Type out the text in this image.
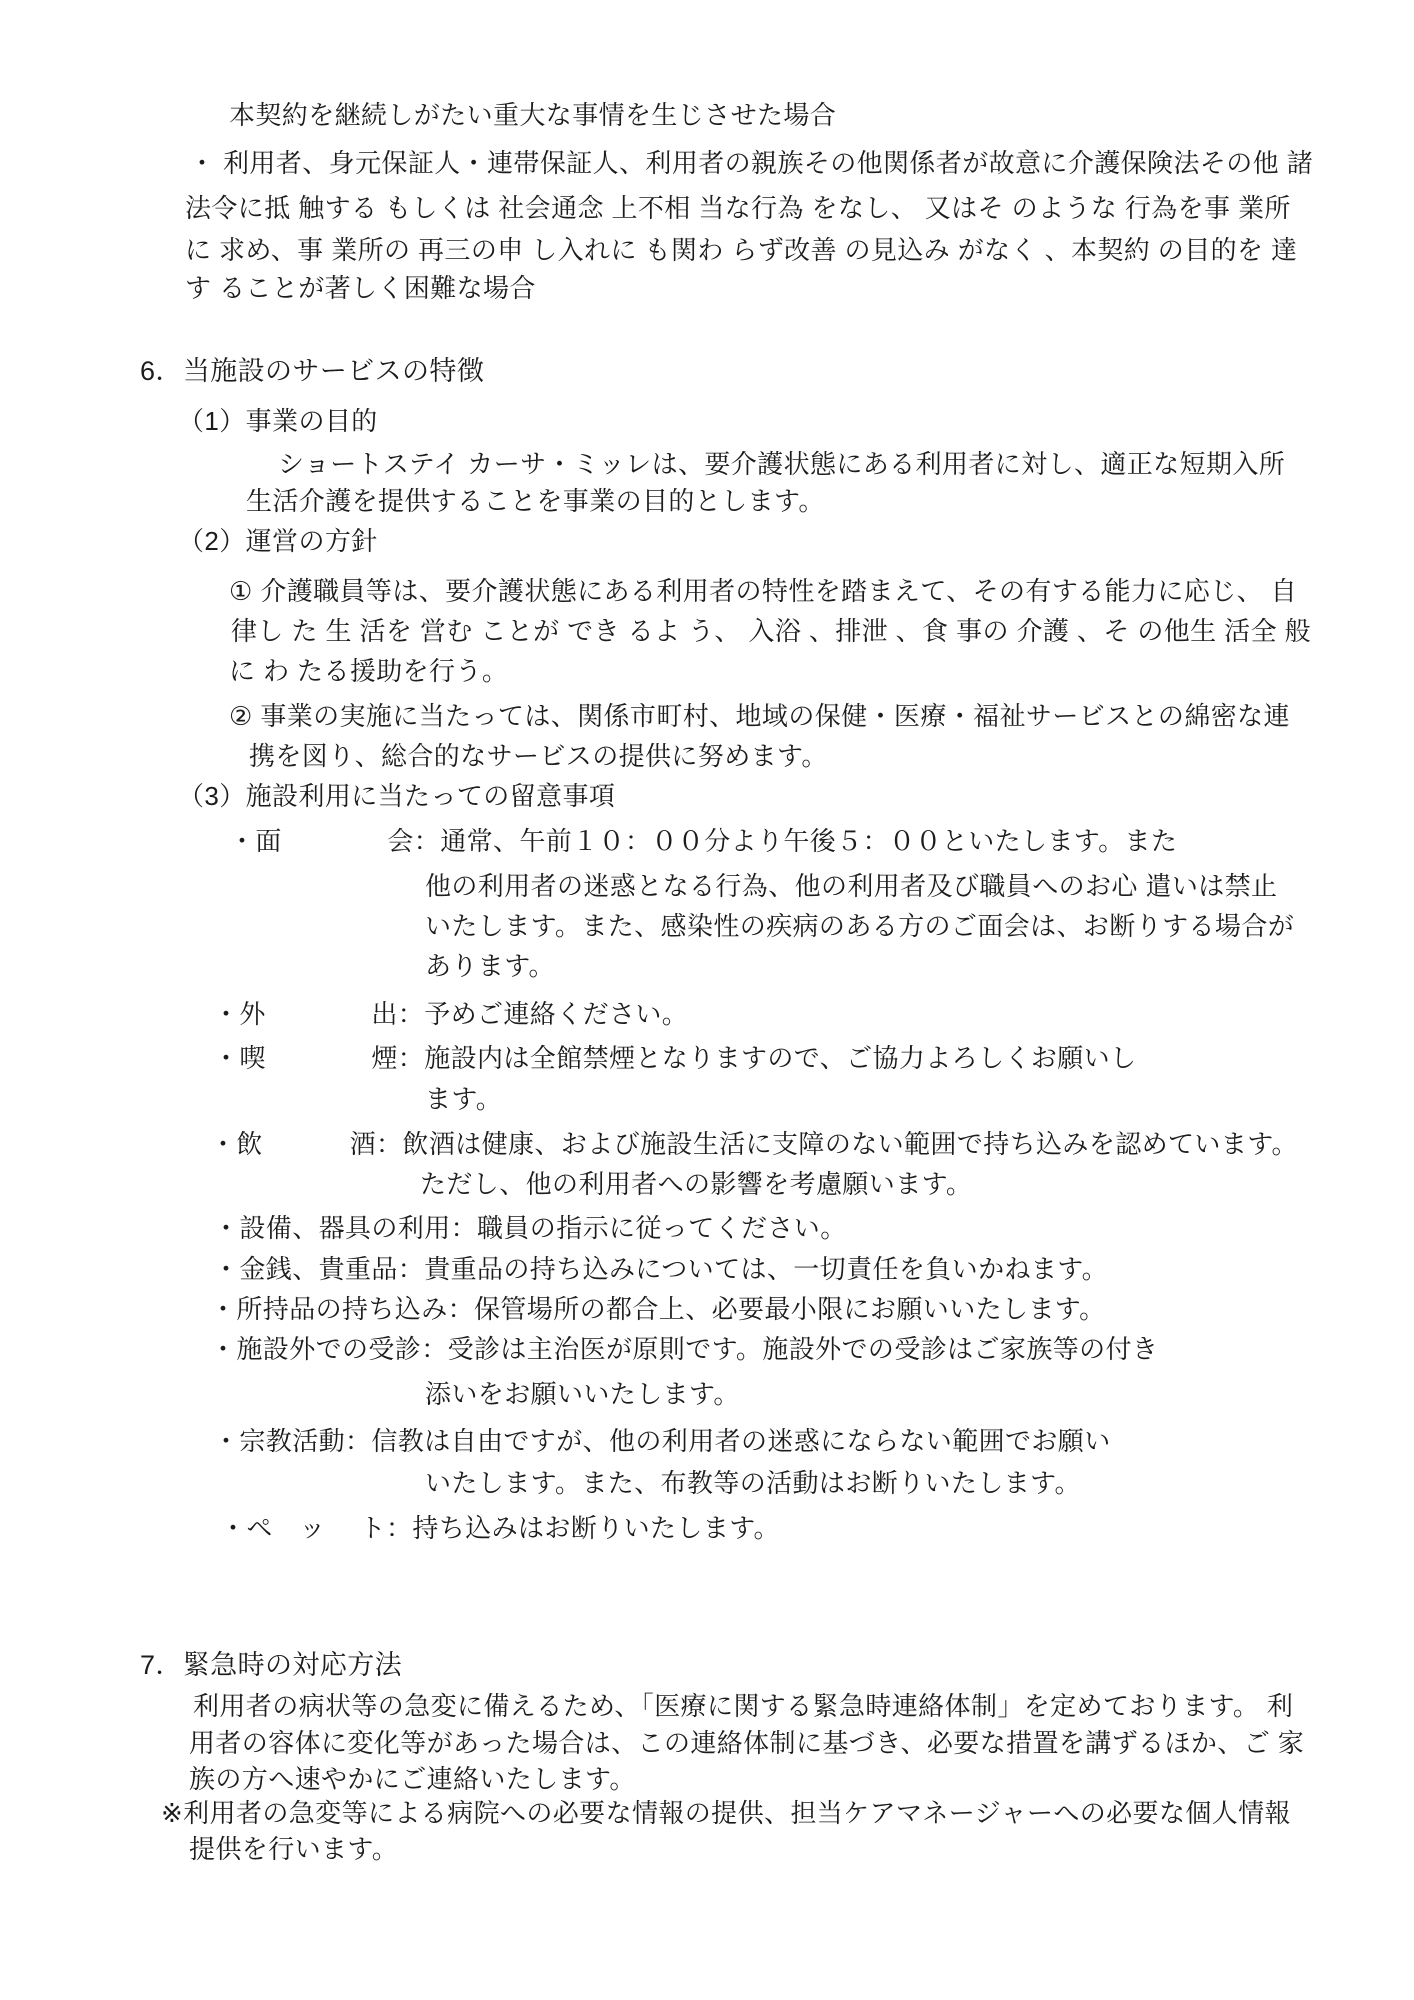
本契約を継続しがたい重大な事情を生じさせた場合
・ 利用者、身元保証人・連帯保証人、利用者の親族その他関係者が故意に介護保険法その他 諸
法令に抵 触する もしくは 社会通念 上不相 当な行為 をなし、 又はそ のような 行為を事 業所
に 求め、事 業所の 再三の申 し入れに も関わ らず改善 の見込み がなく 、本契約 の目的を 達
す ることが著しく困難な場合
6．当施設のサービスの特徴
（1）事業の目的
ショートステイ カーサ・ミッレは、要介護状態にある利用者に対し、適正な短期入所
生活介護を提供することを事業の目的とします。
（2）運営の方針
① 介護職員等は、要介護状態にある利用者の特性を踏まえて、その有する能力に応じ、 自
律し た 生 活を 営む ことが でき るよ う、 入浴 、排泄 、食 事の 介護 、そ の他生 活全 般
に わ たる援助を行う。
② 事業の実施に当たっては、関係市町村、地域の保健・医療・福祉サービスとの綿密な連
携を図り、総合的なサービスの提供に努めます。
（3）施設利用に当たっての留意事項
・面　　　　会：通常、午前１０：００分より午後５：００といたします。また
他の利用者の迷惑となる行為、他の利用者及び職員へのお心 遣いは禁止
いたします。また、感染性の疾病のある方のご面会は、お断りする場合が
あります。
・外　　　　出：予めご連絡ください。
・喫　　　　煙：施設内は全館禁煙となりますので、ご協力よろしくお願いし
ます。
・飲　　　 酒：飲酒は健康、および施設生活に支障のない範囲で持ち込みを認めています。
ただし、他の利用者への影響を考慮願います。
・設備、器具の利用：職員の指示に従ってください。
・金銭、貴重品：貴重品の持ち込みについては、一切責任を負いかねます。
・所持品の持ち込み：保管場所の都合上、必要最小限にお願いいたします。
・施設外での受診：受診は主治医が原則です。施設外での受診はご家族等の付き
添いをお願いいたします。
・宗教活動：信教は自由ですが、他の利用者の迷惑にならない範囲でお願い
いたします。また、布教等の活動はお断りいたします。
・ペ　ッ　 ト：持ち込みはお断りいたします。
7．緊急時の対応方法
利用者の病状等の急変に備えるため、「医療に関する緊急時連絡体制」を定めております。 利
用者の容体に変化等があった場合は、この連絡体制に基づき、必要な措置を講ずるほか、ご 家
族の方へ速やかにご連絡いたします。
※利用者の急変等による病院への必要な情報の提供、担当ケアマネージャーへの必要な個人情報
提供を行います。
